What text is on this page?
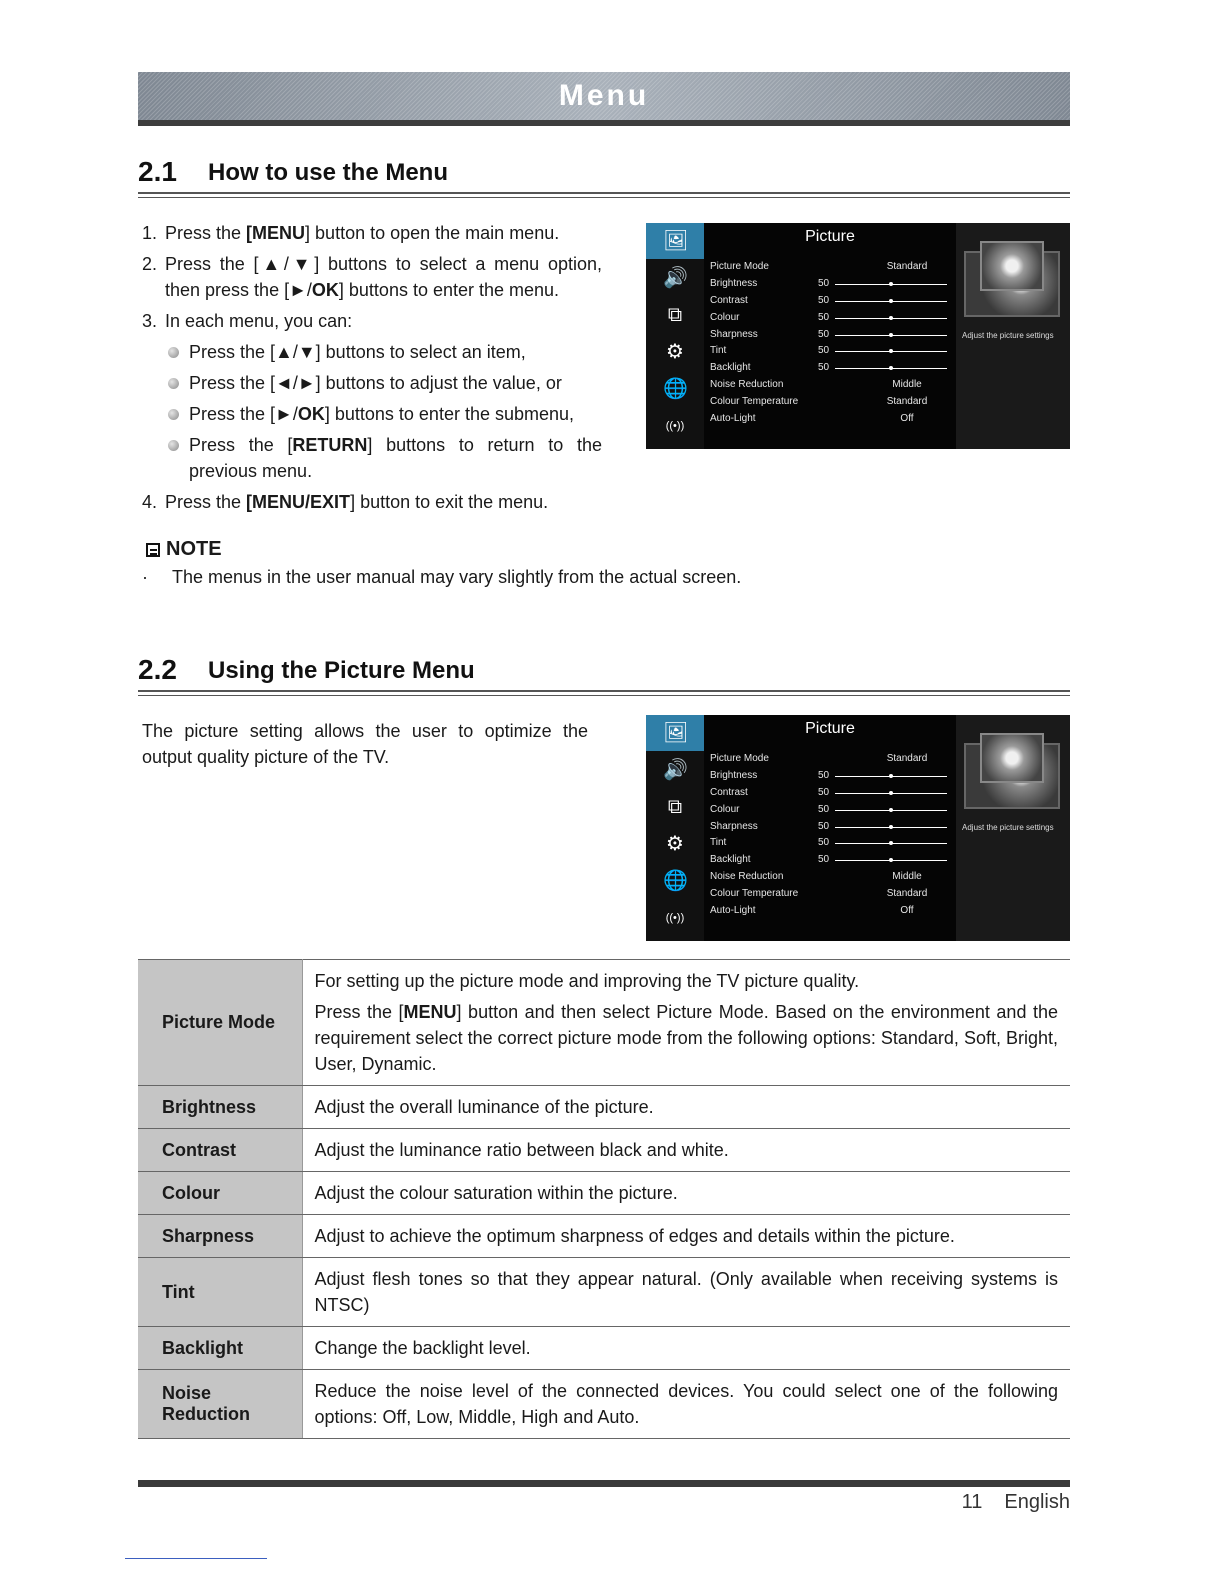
Menu
2.1 How to use the Menu
1. Press the [MENU] button to open the main menu.
2. Press the [▲/▼] buttons to select a menu option,
then press the [►/OK] buttons to enter the menu.
3. In each menu, you can:
Press the [▲/▼] buttons to select an item,
Press the [◄/►] buttons to adjust the value, or
Press the [►/OK] buttons to enter the submenu,
Press the [RETURN] buttons to return to the
previous menu.
4. Press the [MENU/EXIT] button to exit the menu.
🖼
🔊
⧉
⚙
🌐
((•))
Picture
Picture Mode	Standard
Brightness	50
Contrast	50
Colour	50
Sharpness	50
Tint	50
Backlight	50
Noise Reduction	Middle
Colour Temperature	Standard
Auto-Light	Off
Adjust the picture settings
NOTE
· The menus in the user manual may vary slightly from the actual screen.
2.2 Using the Picture Menu
The picture setting allows the user to optimize the output quality picture of the TV.
🖼
🔊
⧉
⚙
🌐
((•))
Picture
Picture Mode	Standard
Brightness	50
Contrast	50
Colour	50
Sharpness	50
Tint	50
Backlight	50
Noise Reduction	Middle
Colour Temperature	Standard
Auto-Light	Off
Adjust the picture settings
Picture Mode	For setting up the picture mode and improving the TV picture quality.

Press the [MENU] button and then select Picture Mode. Based on the environment and the requirement select the correct picture mode from the following options: Standard, Soft, Bright, User, Dynamic.

Brightness	Adjust the overall luminance of the picture.
Contrast	Adjust the luminance ratio between black and white.
Colour	Adjust the colour saturation within the picture.
Sharpness	Adjust to achieve the optimum sharpness of edges and details within the picture.
Tint	Adjust flesh tones so that they appear natural. (Only available when receiving systems is NTSC)
Backlight	Change the backlight level.

Noise
Reduction	Reduce the noise level of the connected devices. You could select one of the following options: Off, Low, Middle, High and Auto.
11 English
